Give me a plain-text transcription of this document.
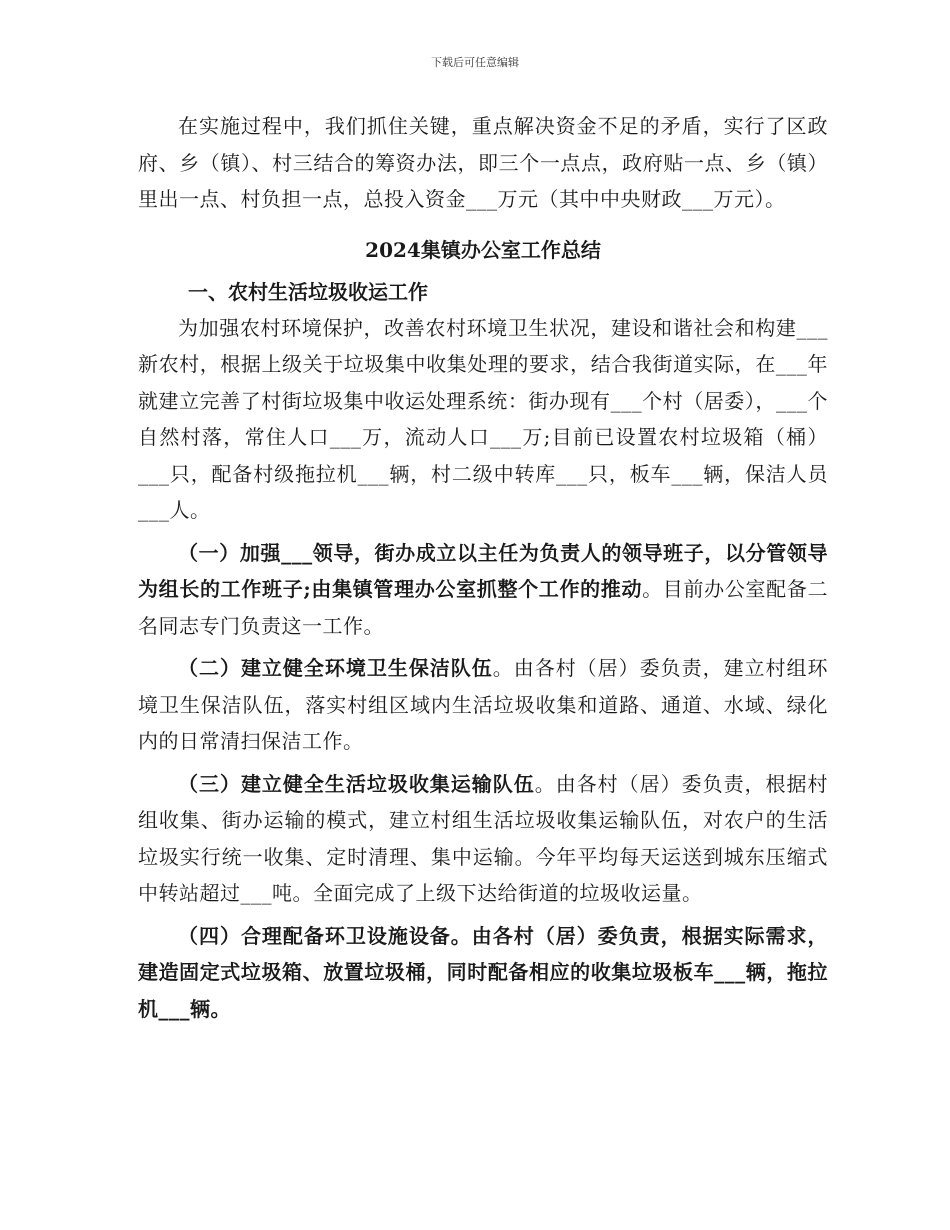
下载后可任意编辑

在实施过程中，我们抓住关键，重点解决资金不足的矛盾，实行了区政府、乡（镇）、村三结合的筹资办法，即三个一点点，政府贴一点、乡（镇）里出一点、村负担一点，总投入资金___万元（其中中央财政___万元）。

2024集镇办公室工作总结

一、农村生活垃圾收运工作

为加强农村环境保护，改善农村环境卫生状况，建设和谐社会和构建___新农村，根据上级关于垃圾集中收集处理的要求，结合我街道实际，在___年就建立完善了村街垃圾集中收运处理系统：街办现有___个村（居委），___个自然村落，常住人口___万，流动人口___万;目前已设置农村垃圾箱（桶）___只，配备村级拖拉机___辆，村二级中转库___只，板车___辆，保洁人员___人。

（一）加强___领导，街办成立以主任为负责人的领导班子，以分管领导为组长的工作班子;由集镇管理办公室抓整个工作的推动。目前办公室配备二名同志专门负责这一工作。

（二）建立健全环境卫生保洁队伍。由各村（居）委负责，建立村组环境卫生保洁队伍，落实村组区域内生活垃圾收集和道路、通道、水域、绿化内的日常清扫保洁工作。

（三）建立健全生活垃圾收集运输队伍。由各村（居）委负责，根据村组收集、街办运输的模式，建立村组生活垃圾收集运输队伍，对农户的生活垃圾实行统一收集、定时清理、集中运输。今年平均每天运送到城东压缩式中转站超过___吨。全面完成了上级下达给街道的垃圾收运量。

（四）合理配备环卫设施设备。由各村（居）委负责，根据实际需求，建造固定式垃圾箱、放置垃圾桶，同时配备相应的收集垃圾板车___辆，拖拉机___辆。
